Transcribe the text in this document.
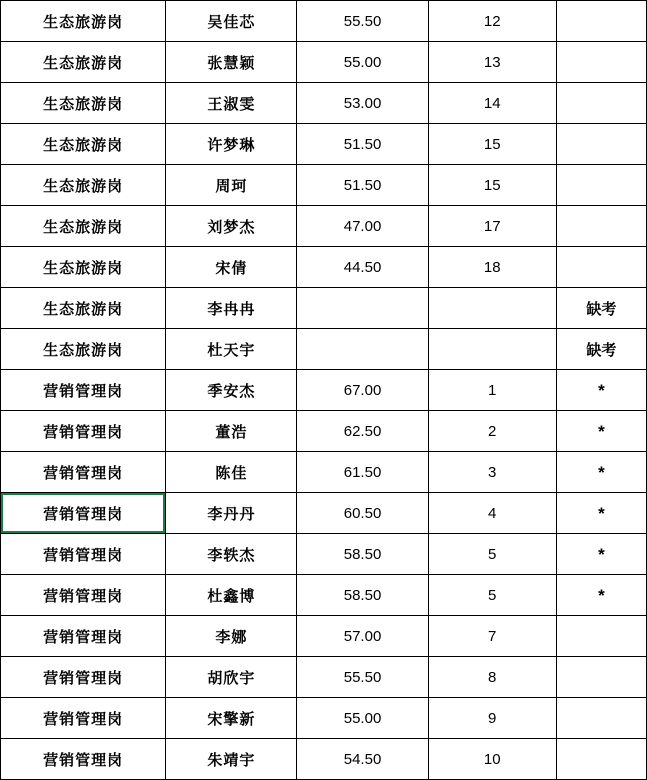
生态旅游岗	吴佳芯	55.50	12	
生态旅游岗	张慧颖	55.00	13	
生态旅游岗	王淑雯	53.00	14	
生态旅游岗	许梦琳	51.50	15	
生态旅游岗	周珂	51.50	15	
生态旅游岗	刘梦杰	47.00	17	
生态旅游岗	宋倩	44.50	18	
生态旅游岗	李冉冉			缺考
生态旅游岗	杜天宇			缺考
营销管理岗	季安杰	67.00	1	*
营销管理岗	董浩	62.50	2	*
营销管理岗	陈佳	61.50	3	*
营销管理岗	李丹丹	60.50	4	*
营销管理岗	李轶杰	58.50	5	*
营销管理岗	杜鑫博	58.50	5	*
营销管理岗	李娜	57.00	7	
营销管理岗	胡欣宇	55.50	8	
营销管理岗	宋擎新	55.00	9	
营销管理岗	朱靖宇	54.50	10	
